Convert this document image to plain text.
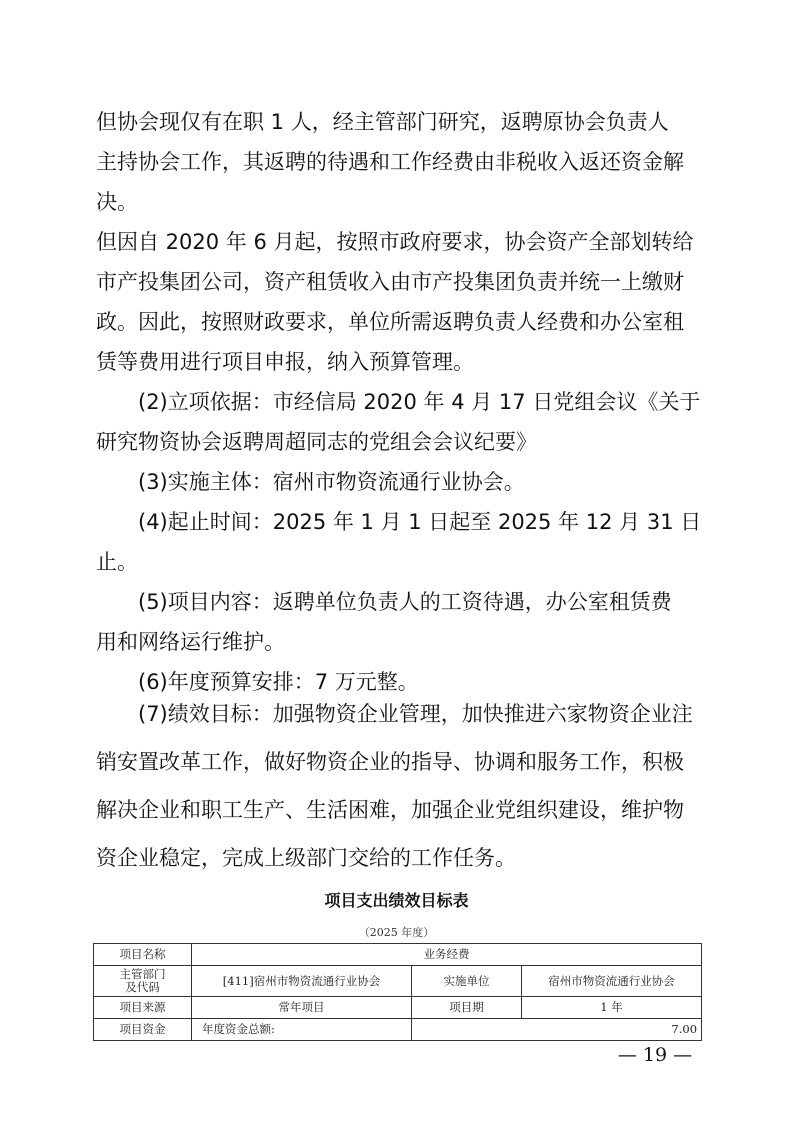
但协会现仅有在职 1 人，经主管部门研究，返聘原协会负责人
主持协会工作，其返聘的待遇和工作经费由非税收入返还资金解
决。

但因自 2020 年 6 月起，按照市政府要求，协会资产全部划转给
市产投集团公司，资产租赁收入由市产投集团负责并统一上缴财
政。因此，按照财政要求，单位所需返聘负责人经费和办公室租
赁等费用进行项目申报，纳入预算管理。

　　(2)立项依据：市经信局 2020 年 4 月 17 日党组会议《关于
研究物资协会返聘周超同志的党组会会议纪要》

　　(3)实施主体：宿州市物资流通行业协会。

　　(4)起止时间：2025 年 1 月 1 日起至 2025 年 12 月 31 日
止。

　　(5)项目内容：返聘单位负责人的工资待遇，办公室租赁费
用和网络运行维护。

　　(6)年度预算安排：7 万元整。

　　(7)绩效目标：加强物资企业管理，加快推进六家物资企业注
销安置改革工作，做好物资企业的指导、协调和服务工作，积极
解决企业和职工生产、生活困难，加强企业党组织建设，维护物
资企业稳定，完成上级部门交给的工作任务。

项目支出绩效目标表
（2025 年度）
项目名称	业务经费		

主管部门及代码	[411]宿州市物资流通行业协会	实施单位	宿州市物资流通行业协会
项目来源	常年项目	项目期	1 年
项目资金	年度资金总额:	7.00	
— 19 —
